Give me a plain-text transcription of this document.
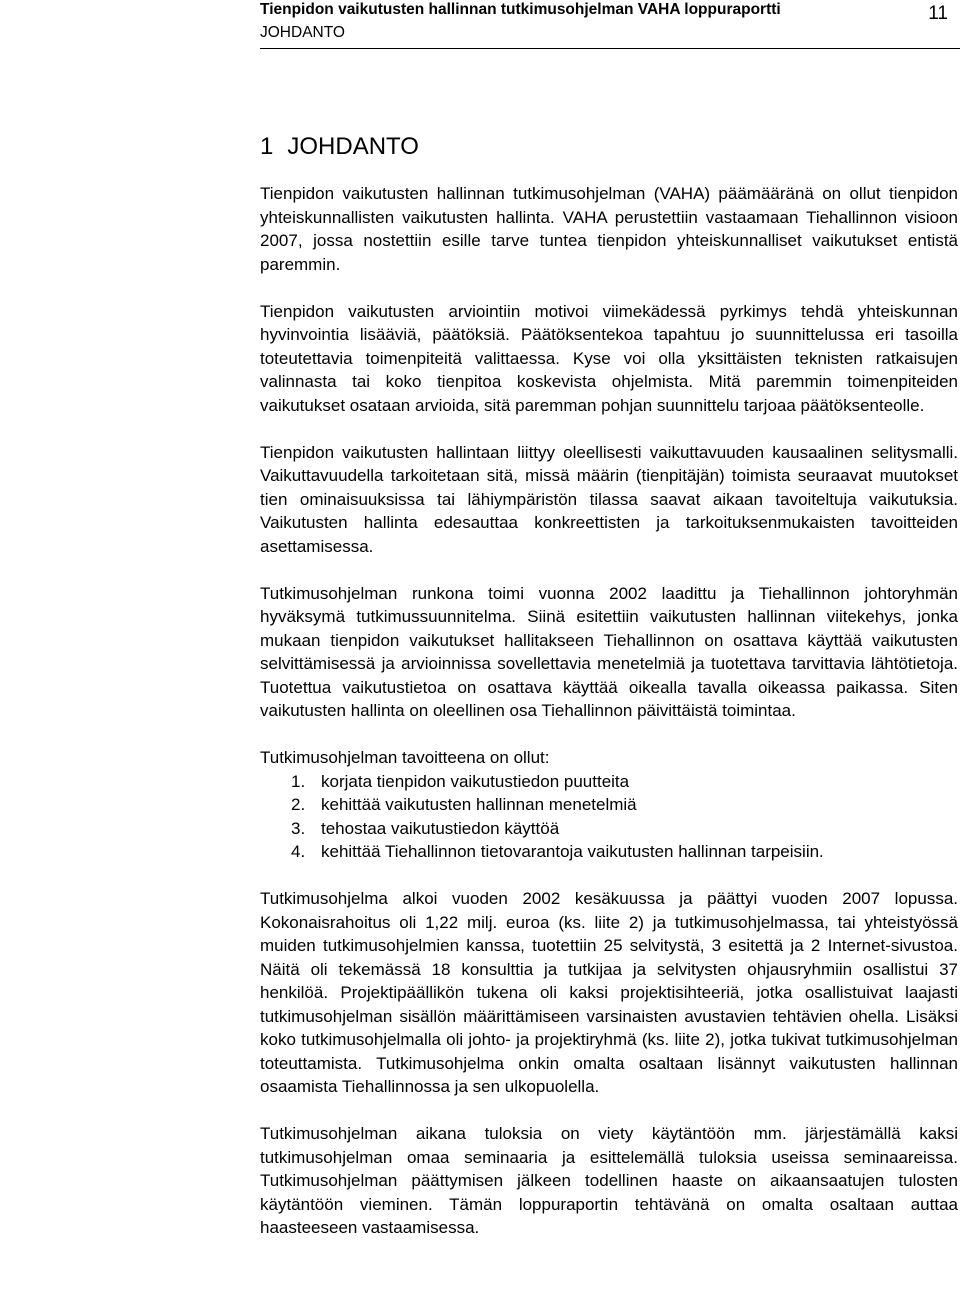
Tienpidon vaikutusten hallinnan tutkimusohjelman VAHA loppuraportti
JOHDANTO
11
1 JOHDANTO

Tienpidon vaikutusten hallinnan tutkimusohjelman (VAHA) päämääränä on ollut tienpidon yhteiskunnallisten vaikutusten hallinta. VAHA perustettiin vastaamaan Tiehallinnon visioon 2007, jossa nostettiin esille tarve tuntea tienpidon yhteiskunnalliset vaikutukset entistä paremmin.

Tienpidon vaikutusten arviointiin motivoi viimekädessä pyrkimys tehdä yhteiskunnan hyvinvointia lisääviä, päätöksiä. Päätöksentekoa tapahtuu jo suunnittelussa eri tasoilla toteutettavia toimenpiteitä valittaessa. Kyse voi olla yksittäisten teknisten ratkaisujen valinnasta tai koko tienpitoa koskevista ohjelmista. Mitä paremmin toimenpiteiden vaikutukset osataan arvioida, sitä paremman pohjan suunnittelu tarjoaa päätöksenteolle.

Tienpidon vaikutusten hallintaan liittyy oleellisesti vaikuttavuuden kausaalinen selitysmalli. Vaikuttavuudella tarkoitetaan sitä, missä määrin (tienpitäjän) toimista seuraavat muutokset tien ominaisuuksissa tai lähiympäristön tilassa saavat aikaan tavoiteltuja vaikutuksia. Vaikutusten hallinta edesauttaa konkreettisten ja tarkoituksenmukaisten tavoitteiden asettamisessa.

Tutkimusohjelman runkona toimi vuonna 2002 laadittu ja Tiehallinnon johtoryhmän hyväksymä tutkimussuunnitelma. Siinä esitettiin vaikutusten hallinnan viitekehys, jonka mukaan tienpidon vaikutukset hallitakseen Tiehallinnon on osattava käyttää vaikutusten selvittämisessä ja arvioinnissa sovellettavia menetelmiä ja tuotettava tarvittavia lähtötietoja. Tuotettua vaikutustietoa on osattava käyttää oikealla tavalla oikeassa paikassa. Siten vaikutusten hallinta on oleellinen osa Tiehallinnon päivittäistä toimintaa.

Tutkimusohjelman tavoitteena on ollut:

1. korjata tienpidon vaikutustiedon puutteita
2. kehittää vaikutusten hallinnan menetelmiä
3. tehostaa vaikutustiedon käyttöä
4. kehittää Tiehallinnon tietovarantoja vaikutusten hallinnan tarpeisiin.

Tutkimusohjelma alkoi vuoden 2002 kesäkuussa ja päättyi vuoden 2007 lopussa. Kokonaisrahoitus oli 1,22 milj. euroa (ks. liite 2) ja tutkimusohjelmassa, tai yhteistyössä muiden tutkimusohjelmien kanssa, tuotettiin 25 selvitystä, 3 esitettä ja 2 Internet-sivustoa. Näitä oli tekemässä 18 konsulttia ja tutkijaa ja selvitysten ohjausryhmiin osallistui 37 henkilöä. Projektipäällikön tukena oli kaksi projektisihteeriä, jotka osallistuivat laajasti tutkimusohjelman sisällön määrittämiseen varsinaisten avustavien tehtävien ohella. Lisäksi koko tutkimusohjelmalla oli johto- ja projektiryhmä (ks. liite 2), jotka tukivat tutkimusohjelman toteuttamista. Tutkimusohjelma onkin omalta osaltaan lisännyt vaikutusten hallinnan osaamista Tiehallinnossa ja sen ulkopuolella.

Tutkimusohjelman aikana tuloksia on viety käytäntöön mm. järjestämällä kaksi tutkimusohjelman omaa seminaaria ja esittelemällä tuloksia useissa seminaareissa. Tutkimusohjelman päättymisen jälkeen todellinen haaste on aikaansaatujen tulosten käytäntöön vieminen. Tämän loppuraportin tehtävänä on omalta osaltaan auttaa haasteeseen vastaamisessa.
